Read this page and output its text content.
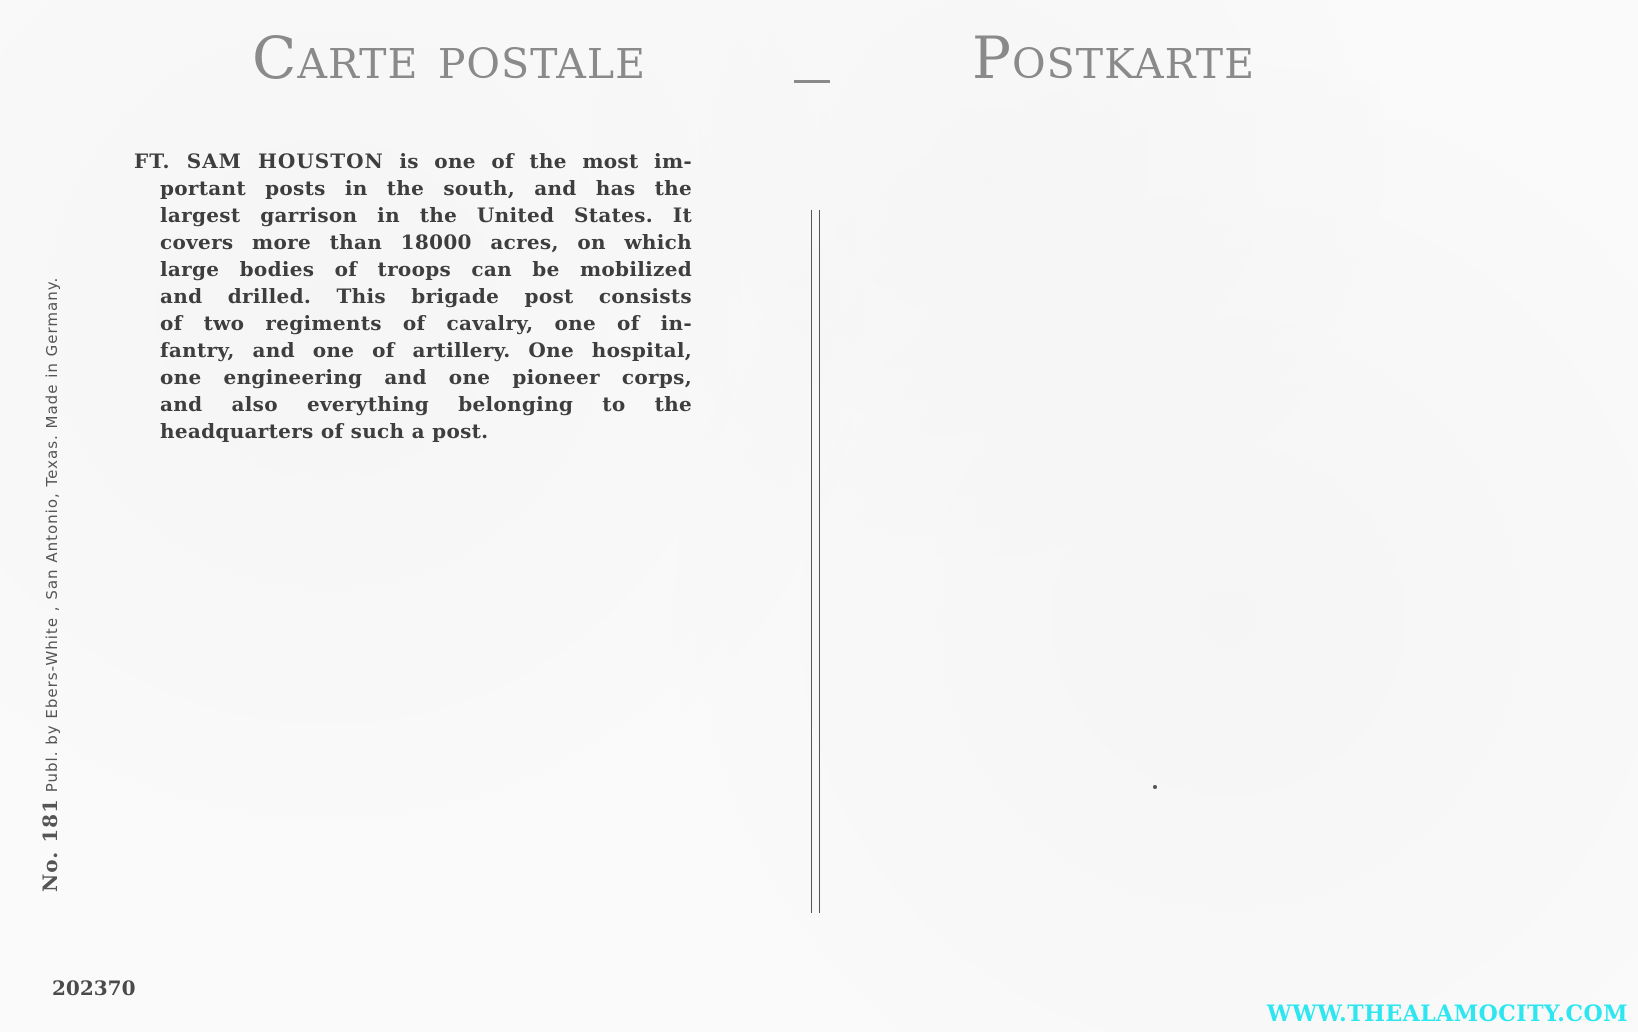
Carte postale	Postkarte
No. 181 Publ. by Ebers-White , San Antonio, Texas. Made in Germany.
FT. SAM HOUSTON is one of the most im-
portant posts in the south, and has the
largest garrison in the United States. It
covers more than 18000 acres, on which
large bodies of troops can be mobilized
and drilled. This brigade post consists
of two regiments of cavalry, one of in-
fantry, and one of artillery. One hospital,
one engineering and one pioneer corps,
and also everything belonging to the
headquarters of such a post.
202370
WWW.THEALAMOCITY.COM
